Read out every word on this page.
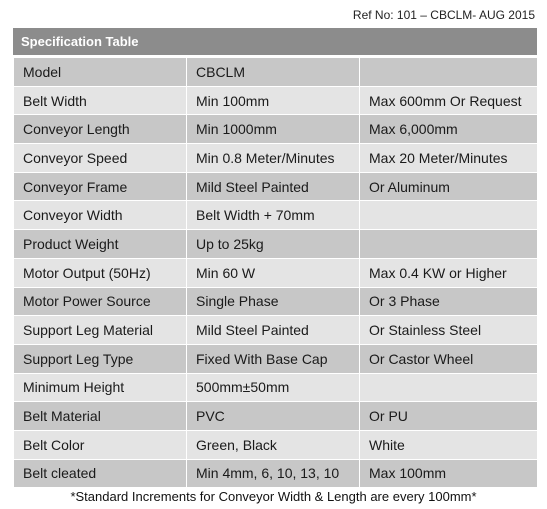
Ref No: 101 – CBCLM- AUG 2015
Specification Table
Model	CBCLM	
Belt Width	Min 100mm	Max 600mm Or Request
Conveyor Length	Min 1000mm	Max 6,000mm
Conveyor Speed	Min 0.8 Meter/Minutes	Max 20 Meter/Minutes
Conveyor Frame	Mild Steel Painted	Or Aluminum
Conveyor Width	Belt Width + 70mm	
Product Weight	Up to 25kg	
Motor Output (50Hz)	Min 60 W	Max 0.4 KW or Higher
Motor Power Source	Single Phase	Or 3 Phase
Support Leg Material	Mild Steel Painted	Or Stainless Steel
Support Leg Type	Fixed With Base Cap	Or Castor Wheel
Minimum Height	500mm±50mm	
Belt Material	PVC	Or PU
Belt Color	Green, Black	White
Belt cleated	Min 4mm, 6, 10, 13, 10	Max 100mm
*Standard Increments for Conveyor Width & Length are every 100mm*
